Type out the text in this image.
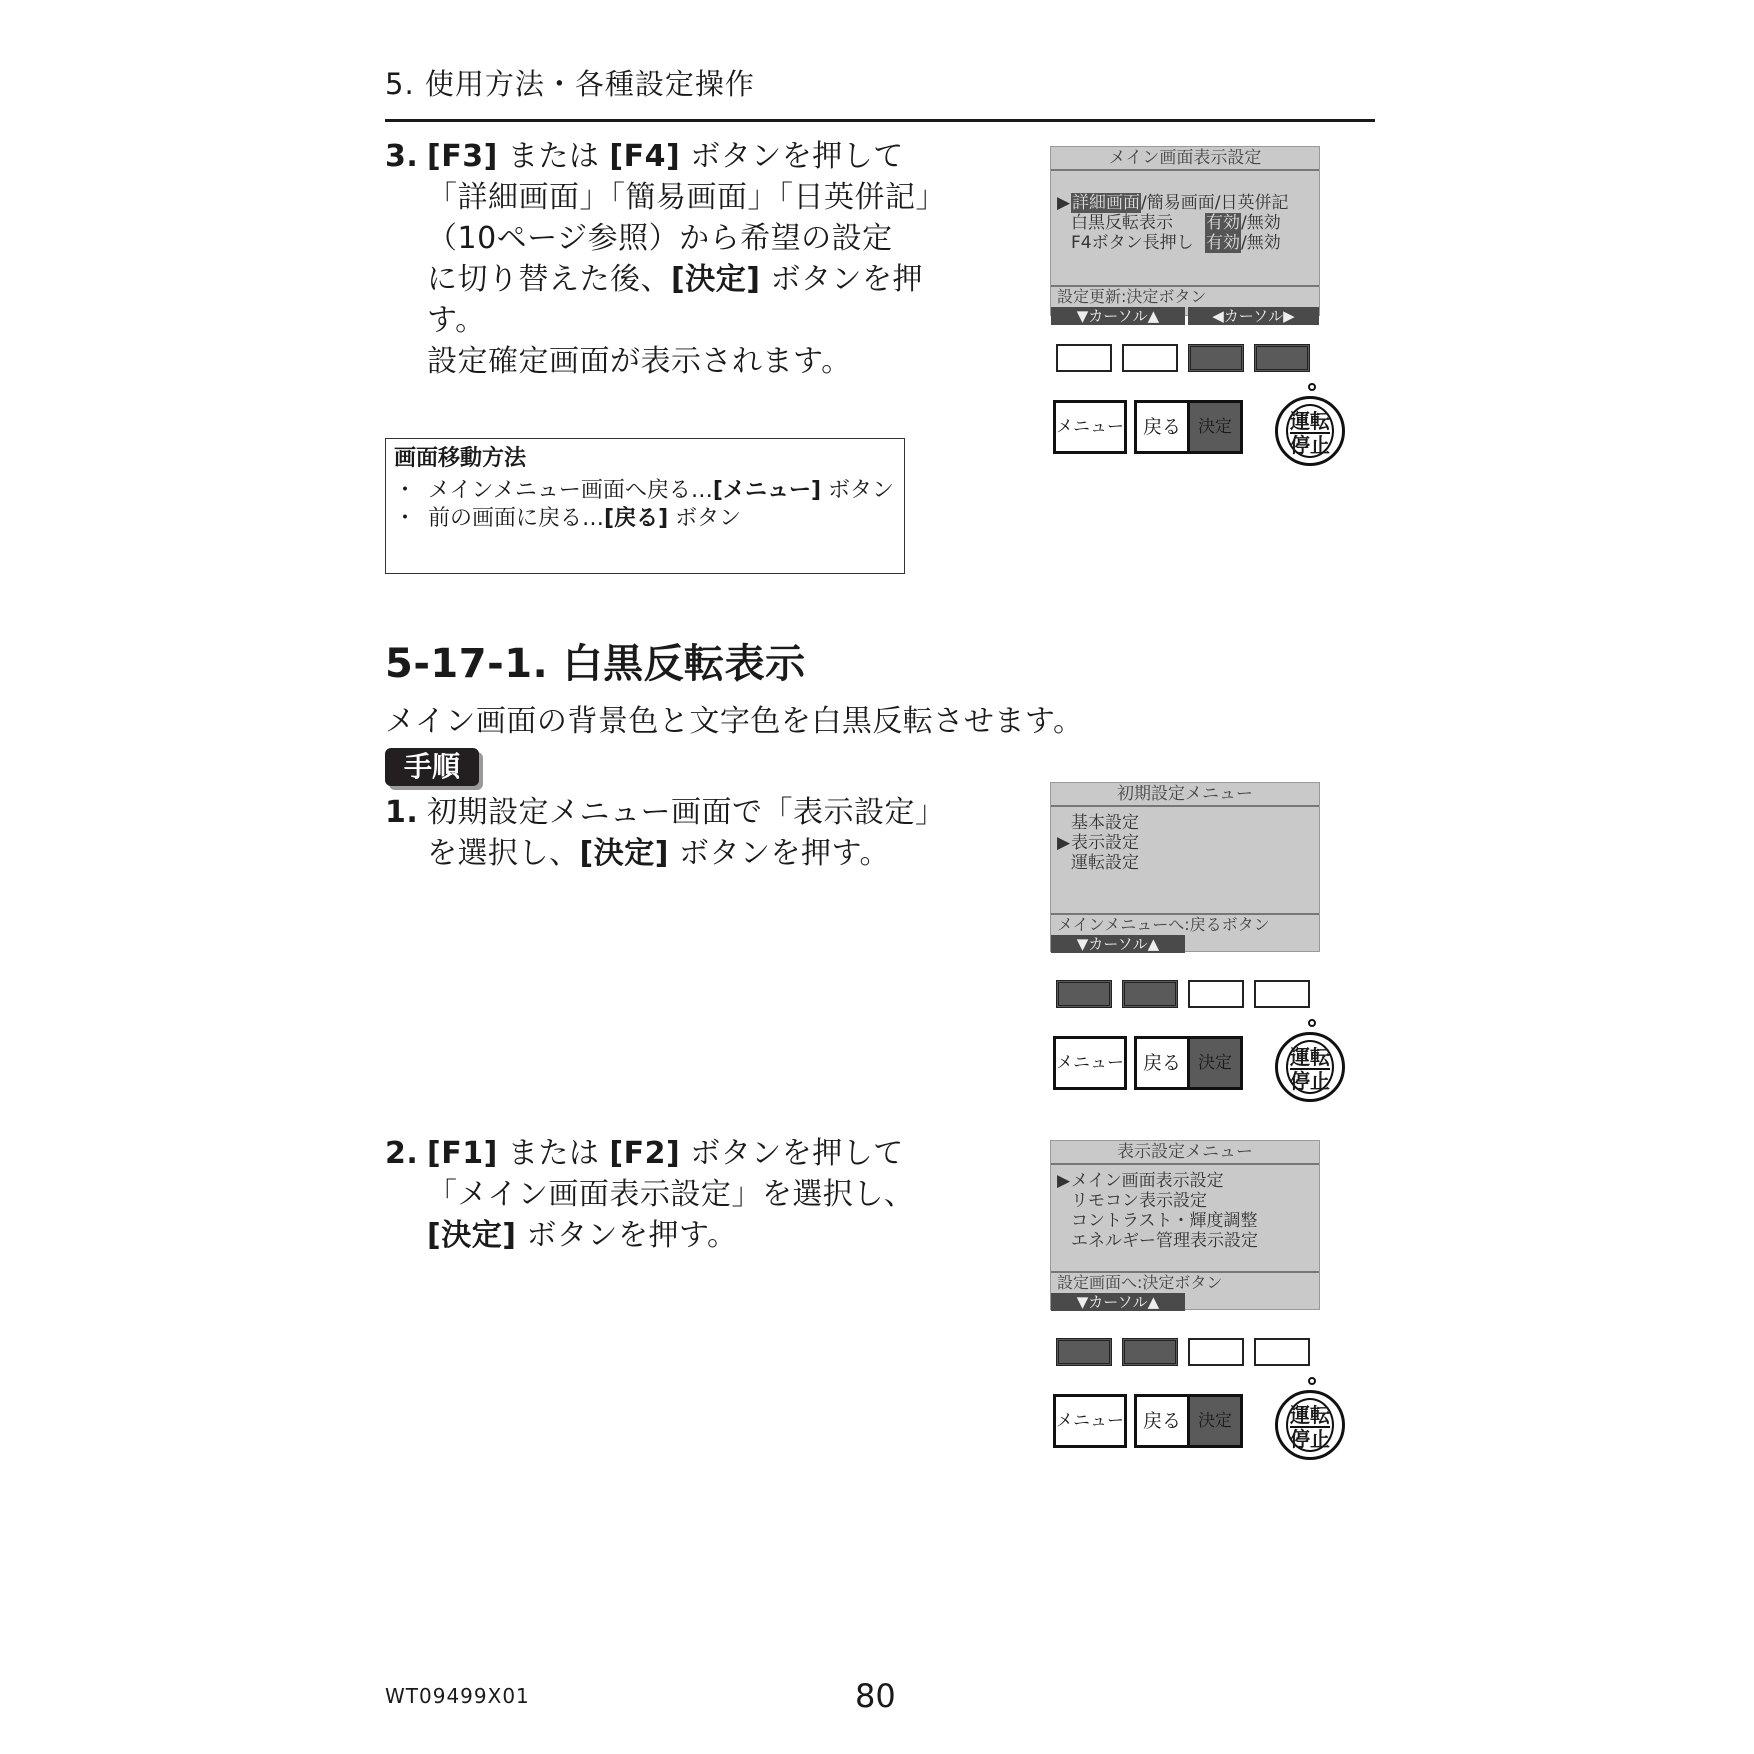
5. 使用方法・各種設定操作
3. [F3] または [F4] ボタンを押して
「詳細画面」「簡易画面」「日英併記」
（10ページ参照）から希望の設定
に切り替えた後、[決定] ボタンを押
す。
設定確定画面が表示されます。
画面移動方法
・ メインメニュー画面へ戻る…[メニュー] ボタン
・ 前の画面に戻る…[戻る] ボタン
5-17-1. 白黒反転表示
メイン画面の背景色と文字色を白黒反転させます。
手順
1. 初期設定メニュー画面で「表示設定」
を選択し、[決定] ボタンを押す。
2. [F1] または [F2] ボタンを押して
「メイン画面表示設定」を選択し、
[決定] ボタンを押す。
メイン画面表示設定
▶ 詳細画面/簡易画面/日英併記
白黒反転表示 有効/無効
F4ボタン長押し 有効/無効
設定更新:決定ボタン
▼カーソル▲	◀カーソル▶
メニュー 戻る	決定	運転
停止
初期設定メニュー
基本設定
▶ 表示設定
運転設定
メインメニューへ:戻るボタン
▼カーソル▲
メニュー 戻る	決定	運転
停止
表示設定メニュー
▶ メイン画面表示設定
リモコン表示設定
コントラスト・輝度調整
エネルギー管理表示設定
設定画面へ:決定ボタン
▼カーソル▲
メニュー 戻る	決定	運転
停止
WT09499X01	80
